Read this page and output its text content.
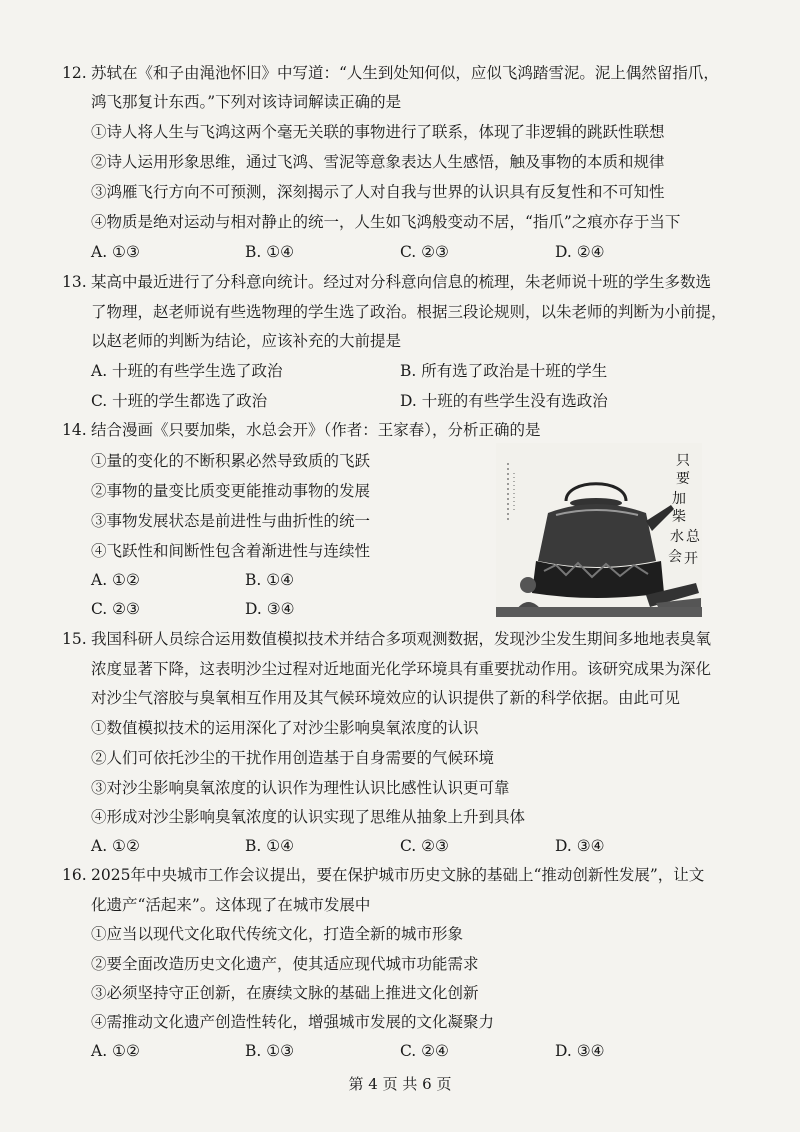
12. 苏轼在《和子由渑池怀旧》中写道：“人生到处知何似，应似飞鸿踏雪泥。泥上偶然留指爪，
鸿飞那复计东西。”下列对该诗词解读正确的是
①诗人将人生与飞鸿这两个毫无关联的事物进行了联系，体现了非逻辑的跳跃性联想
②诗人运用形象思维，通过飞鸿、雪泥等意象表达人生感悟，触及事物的本质和规律
③鸿雁飞行方向不可预测，深刻揭示了人对自我与世界的认识具有反复性和不可知性
④物质是绝对运动与相对静止的统一，人生如飞鸿般变动不居，“指爪”之痕亦存于当下
A. ①③	B. ①④	C. ②③	D. ②④
13. 某高中最近进行了分科意向统计。经过对分科意向信息的梳理，朱老师说十班的学生多数选
了物理，赵老师说有些选物理的学生选了政治。根据三段论规则，以朱老师的判断为小前提，
以赵老师的判断为结论，应该补充的大前提是
A. 十班的有些学生选了政治	B. 所有选了政治是十班的学生
C. 十班的学生都选了政治	D. 十班的有些学生没有选政治
14. 结合漫画《只要加柴，水总会开》（作者：王家春），分析正确的是
①量的变化的不断积累必然导致质的飞跃
②事物的量变比质变更能推动事物的发展
③事物发展状态是前进性与曲折性的统一
④飞跃性和间断性包含着渐进性与连续性
A. ①②	B. ①④
C. ②③	D. ③④
只
要
加
柴
水 总
会 开
15. 我国科研人员综合运用数值模拟技术并结合多项观测数据，发现沙尘发生期间多地地表臭氧
浓度显著下降，这表明沙尘过程对近地面光化学环境具有重要扰动作用。该研究成果为深化
对沙尘气溶胶与臭氧相互作用及其气候环境效应的认识提供了新的科学依据。由此可见
①数值模拟技术的运用深化了对沙尘影响臭氧浓度的认识
②人们可依托沙尘的干扰作用创造基于自身需要的气候环境
③对沙尘影响臭氧浓度的认识作为理性认识比感性认识更可靠
④形成对沙尘影响臭氧浓度的认识实现了思维从抽象上升到具体
A. ①②	B. ①④	C. ②③	D. ③④
16. 2025年中央城市工作会议提出，要在保护城市历史文脉的基础上“推动创新性发展”，让文
化遗产“活起来”。这体现了在城市发展中
①应当以现代文化取代传统文化，打造全新的城市形象
②要全面改造历史文化遗产，使其适应现代城市功能需求
③必须坚持守正创新，在赓续文脉的基础上推进文化创新
④需推动文化遗产创造性转化，增强城市发展的文化凝聚力
A. ①②	B. ①③	C. ②④	D. ③④
第 4 页 共 6 页
